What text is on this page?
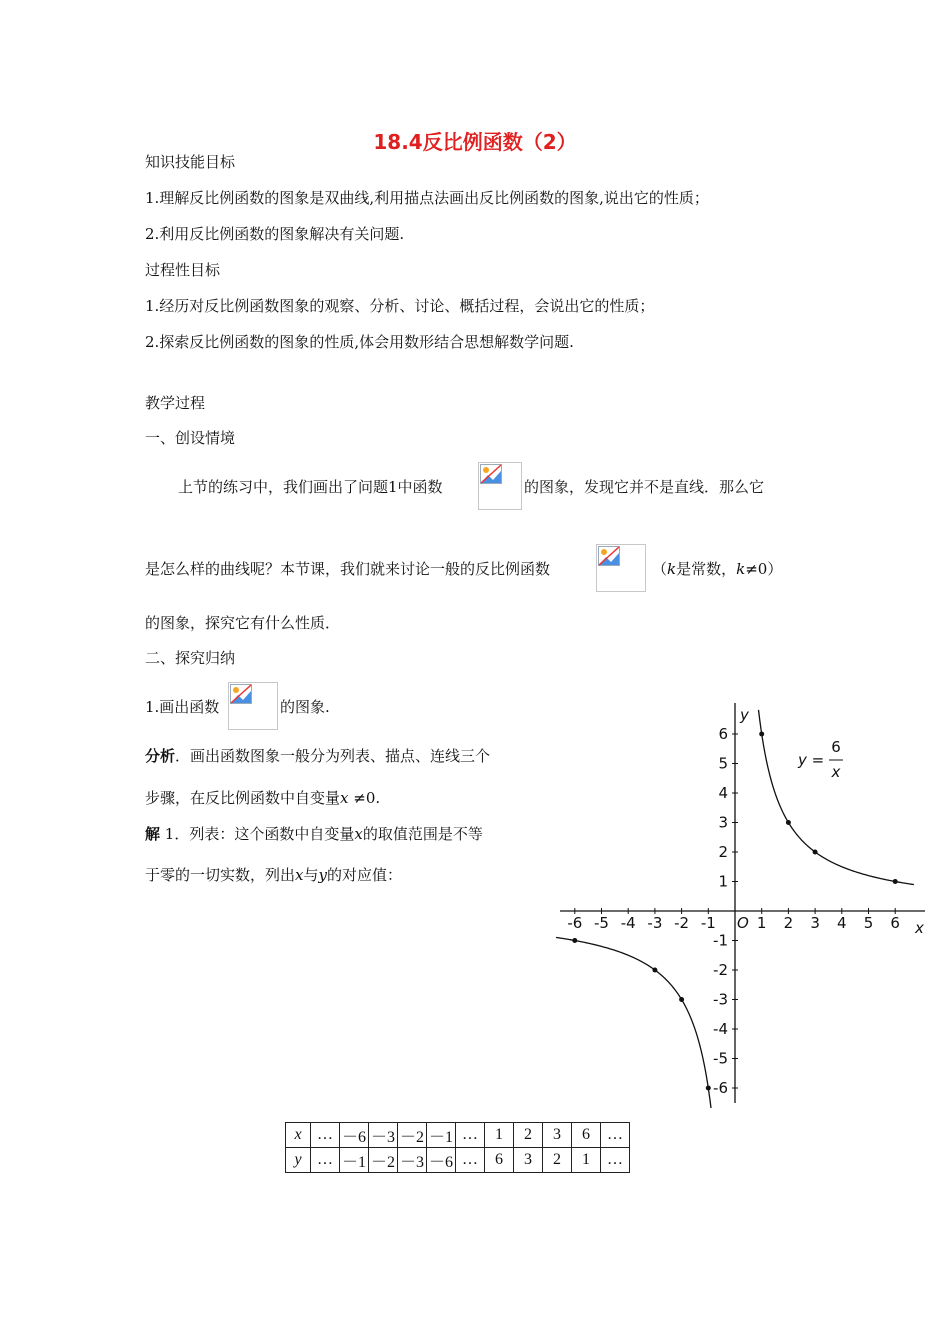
18.4反比例函数（2）
知识技能目标
1.理解反比例函数的图象是双曲线,利用描点法画出反比例函数的图象,说出它的性质；
2.利用反比例函数的图象解决有关问题.
过程性目标
1.经历对反比例函数图象的观察、分析、讨论、概括过程，会说出它的性质；
2.探索反比例函数的图象的性质,体会用数形结合思想解数学问题.
教学过程
一、创设情境
上节的练习中，我们画出了问题1中函数	的图象，发现它并不是直线．那么它
是怎么样的曲线呢？本节课，我们就来讨论一般的反比例函数	（k是常数，k≠0）
的图象，探究它有什么性质．
二、探究归纳
1.画出函数	的图象.
分析．画出函数图象一般分为列表、描点、连线三个
步骤，在反比例函数中自变量x ≠0.
解 1．列表：这个函数中自变量x的取值范围是不等
于零的一切实数，列出x与y的对应值：
-6 -5 -4 -3 -2 -1	1 2 3 4 5 6
6
5
4
3
2
1
-1
-2
-3
-4
-5
-6
O	x
y
y =
6
x
x	…	－6	－3	－2	－1	…	1	2	3	6	…
y	…	－1	－2	－3	－6	…	6	3	2	1	…
